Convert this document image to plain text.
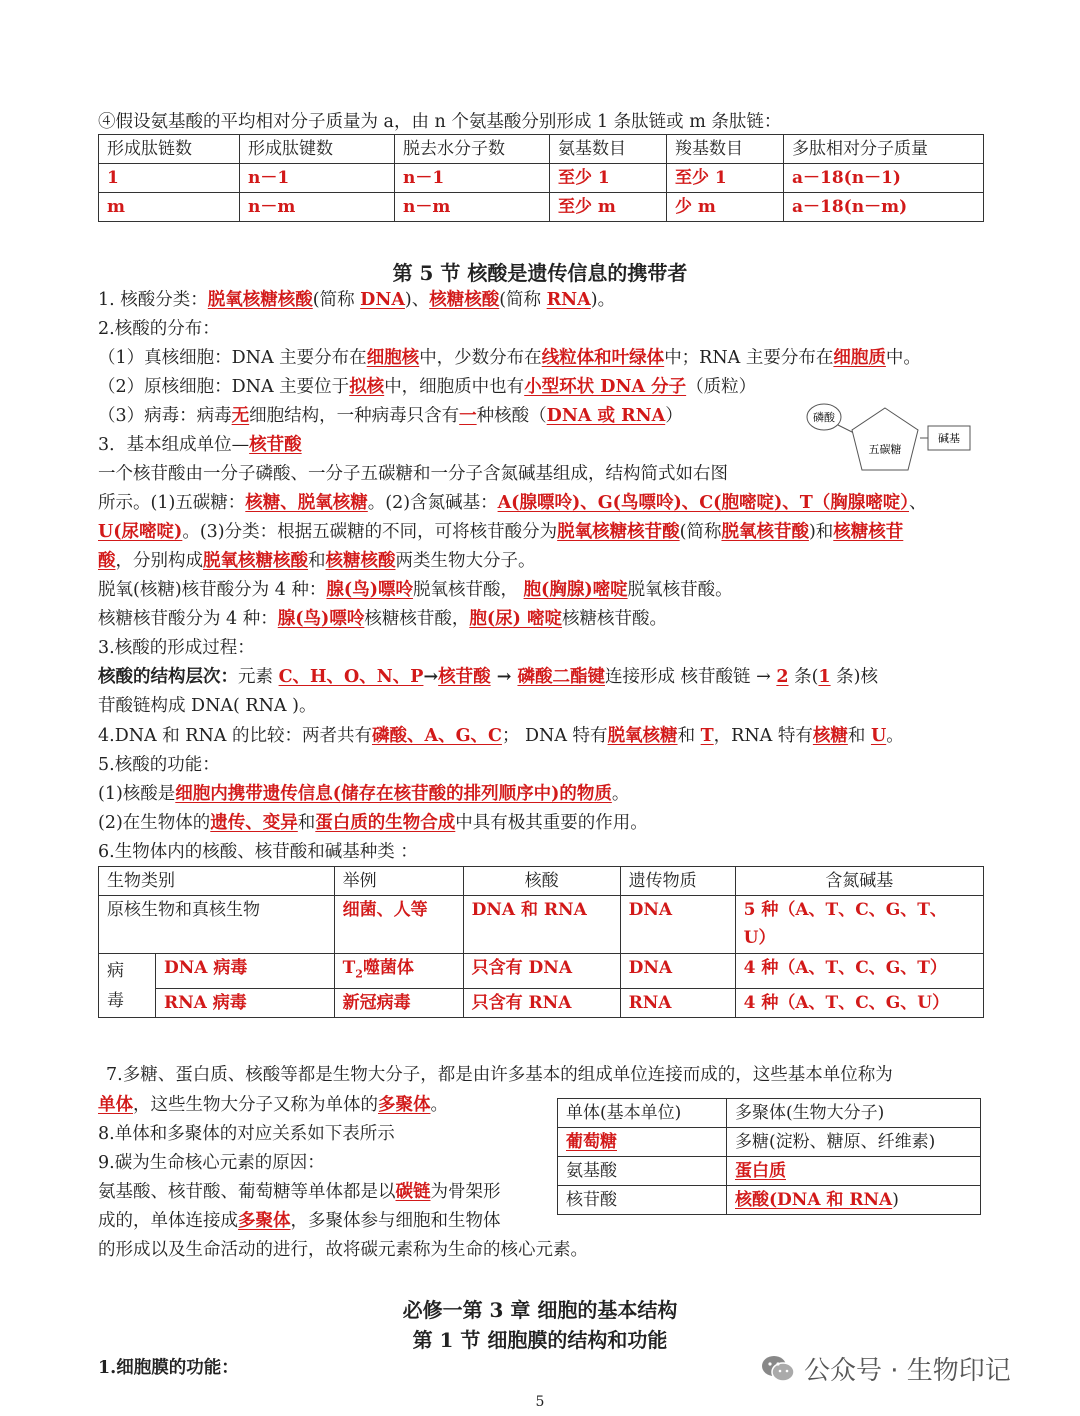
④假设氨基酸的平均相对分子质量为 a，由 n 个氨基酸分别形成 1 条肽链或 m 条肽链：
形成肽链数	形成肽键数	脱去水分子数	氨基数目	羧基数目	多肽相对分子质量
1	n－1	n－1	至少 1	至少 1	a－18(n－1)
m	n－m	n－m	至少 m	少 m	a－18(n－m)
第 5 节 核酸是遗传信息的携带者
1. 核酸分类：脱氧核糖核酸(简称 DNA)、核糖核酸(简称 RNA)。
2.核酸的分布：
（1）真核细胞：DNA 主要分布在细胞核中，少数分布在线粒体和叶绿体中；RNA 主要分布在细胞质中。
（2）原核细胞：DNA 主要位于拟核中，细胞质中也有小型环状 DNA 分子（质粒）
（3）病毒：病毒无细胞结构，一种病毒只含有一种核酸（DNA 或 RNA）
五碳糖
磷酸
碱基
3．基本组成单位—核苷酸
一个核苷酸由一分子磷酸、一分子五碳糖和一分子含氮碱基组成，结构简式如右图
所示。(1)五碳糖：核糖、脱氧核糖。(2)含氮碱基：A(腺嘌呤)、G(鸟嘌呤)、C(胞嘧啶)、T（胸腺嘧啶）、
U(尿嘧啶)。(3)分类：根据五碳糖的不同，可将核苷酸分为脱氧核糖核苷酸(简称脱氧核苷酸)和核糖核苷
酸，分别构成脱氧核糖核酸和核糖核酸两类生物大分子。
脱氧(核糖)核苷酸分为 4 种：腺(鸟)嘌呤脱氧核苷酸， 胞(胸腺)嘧啶脱氧核苷酸。
核糖核苷酸分为 4 种：腺(鸟)嘌呤核糖核苷酸，胞(尿) 嘧啶核糖核苷酸。
3.核酸的形成过程：
核酸的结构层次：元素 C、H、O、N、P→核苷酸 → 磷酸二酯键连接形成 核苷酸链 → 2 条(1 条)核
苷酸链构成 DNA( RNA )。
4.DNA 和 RNA 的比较：两者共有磷酸、A、G、C； DNA 特有脱氧核糖和 T，RNA 特有核糖和 U。
5.核酸的功能：
(1)核酸是细胞内携带遗传信息(储存在核苷酸的排列顺序中)的物质。
(2)在生物体的遗传、变异和蛋白质的生物合成中具有极其重要的作用。
6.生物体内的核酸、核苷酸和碱基种类 ：
生物类别		举例	核酸	遗传物质	含氮碱基
原核生物和真核生物		细菌、人等	DNA 和 RNA	DNA	5 种（A、T、C、G、T、
U）

病
毒	DNA 病毒	$T_2$噬菌体	只含有 DNA	DNA	4 种（A、T、C、G、T）
	RNA 病毒	新冠病毒	只含有 RNA	RNA	4 种（A、T、C、G、U）
7.多糖、蛋白质、核酸等都是生物大分子，都是由许多基本的组成单位连接而成的，这些基本单位称为
单体，这些生物大分子又称为单体的多聚体。
8.单体和多聚体的对应关系如下表所示
9.碳为生命核心元素的原因：
氨基酸、核苷酸、葡萄糖等单体都是以碳链为骨架形
成的，单体连接成多聚体，多聚体参与细胞和生物体
的形成以及生命活动的进行，故将碳元素称为生命的核心元素。
单体(基本单位)	多聚体(生物大分子)
葡萄糖	多糖(淀粉、糖原、纤维素)
氨基酸	蛋白质
核苷酸	核酸(DNA 和 RNA)
必修一第 3 章 细胞的基本结构
第 1 节 细胞膜的结构和功能
1.细胞膜的功能：
5
公众号 · 生物印记
